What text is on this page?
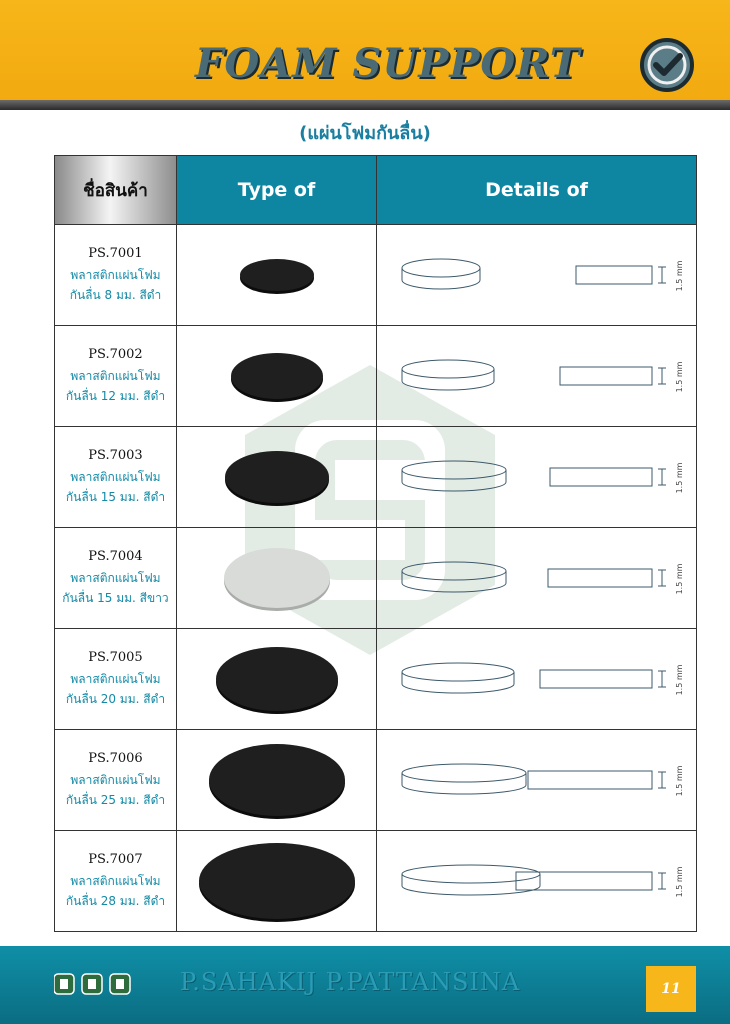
FOAM SUPPORT
(แผ่นโฟมกันลื่น)
ชื่อสินค้า	Type of	Details of

PS.7001
พลาสติกแผ่นโฟม
กันลื่น 8 มม. สีดำ		1.5 mm

PS.7002
พลาสติกแผ่นโฟม
กันลื่น 12 มม. สีดำ		1.5 mm

PS.7003
พลาสติกแผ่นโฟม
กันลื่น 15 มม. สีดำ		1.5 mm

PS.7004
พลาสติกแผ่นโฟม
กันลื่น 15 มม. สีขาว		1.5 mm

PS.7005
พลาสติกแผ่นโฟม
กันลื่น 20 มม. สีดำ		1.5 mm

PS.7006
พลาสติกแผ่นโฟม
กันลื่น 25 มม. สีดำ		1.5 mm

PS.7007
พลาสติกแผ่นโฟม
กันลื่น 28 มม. สีดำ		1.5 mm
P.SAHAKIJ P.PATTANSINA	11
